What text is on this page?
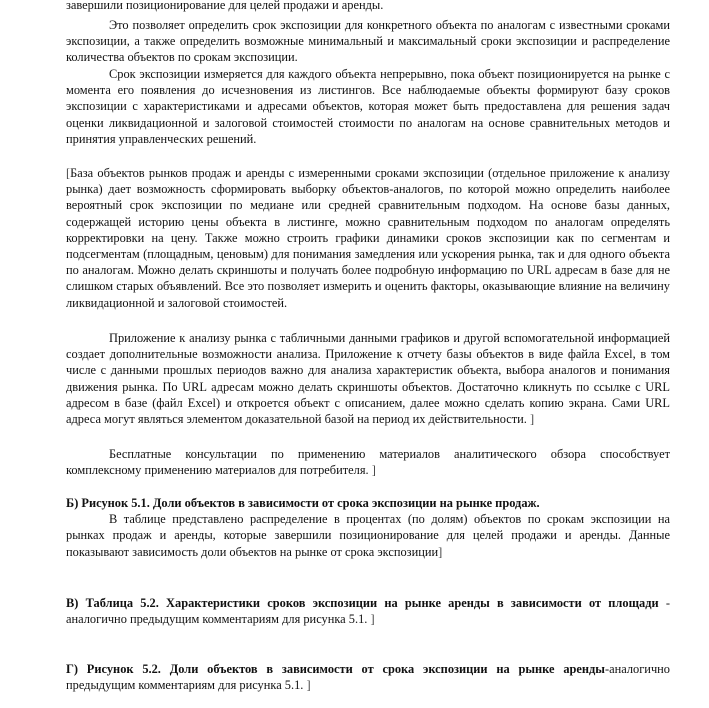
завершили позиционирование для целей продажи и аренды.

Это позволяет определить срок экспозиции для конкретного объекта по аналогам с известными сроками экспозиции, а также определить возможные минимальный и максимальный сроки экспозиции и распределение количества объектов по срокам экспозиции.

Срок экспозиции измеряется для каждого объекта непрерывно, пока объект позиционируется на рынке с момента его появления до исчезновения из листингов. Все наблюдаемые объекты формируют базу сроков экспозиции с характеристиками и адресами объектов, которая может быть предоставлена для решения задач оценки ликвидационной и залоговой стоимостей стоимости по аналогам на основе сравнительных методов и принятия управленческих решений.

[База объектов рынков продаж и аренды с измеренными сроками экспозиции (отдельное приложение к анализу рынка) дает возможность сформировать выборку объектов-аналогов, по которой можно определить наиболее вероятный срок экспозиции по медиане или средней сравнительным подходом. На основе базы данных, содержащей историю цены объекта в листинге, можно сравнительным подходом по аналогам определять корректировки на цену. Также можно строить графики динамики сроков экспозиции как по сегментам и подсегментам (площадным, ценовым) для понимания замедления или ускорения рынка, так и для одного объекта по аналогам. Можно делать скриншоты и получать более подробную информацию по URL адресам в базе для не слишком старых объявлений. Все это позволяет измерить и оценить факторы, оказывающие влияние на величину ликвидационной и залоговой стоимостей.

Приложение к анализу рынка с табличными данными графиков и другой вспомогательной информацией создает дополнительные возможности анализа. Приложение к отчету базы объектов в виде файла Excel, в том числе с данными прошлых периодов важно для анализа характеристик объекта, выбора аналогов и понимания движения рынка. По URL адресам можно делать скриншоты объектов. Достаточно кликнуть по ссылке с URL адресом в базе (файл Excel) и откроется объект с описанием, далее можно сделать копию экрана. Сами URL адреса могут являться элементом доказательной базой на период их действительности. ]

Бесплатные консультации по применению материалов аналитического обзора способствует комплексному применению материалов для потребителя. ]

Б) Рисунок 5.1. Доли объектов в зависимости от срока экспозиции на рынке продаж.

В таблице представлено распределение в процентах (по долям) объектов по срокам экспозиции на рынках продаж и аренды, которые завершили позиционирование для целей продажи и аренды. Данные показывают зависимость доли объектов на рынке от срока экспозиции]

В) Таблица 5.2. Характеристики сроков экспозиции на рынке аренды в зависимости от площади - аналогично предыдущим комментариям для рисунка 5.1. ]

Г) Рисунок 5.2. Доли объектов в зависимости от срока экспозиции на рынке аренды-аналогично предыдущим комментариям для рисунка 5.1. ]
